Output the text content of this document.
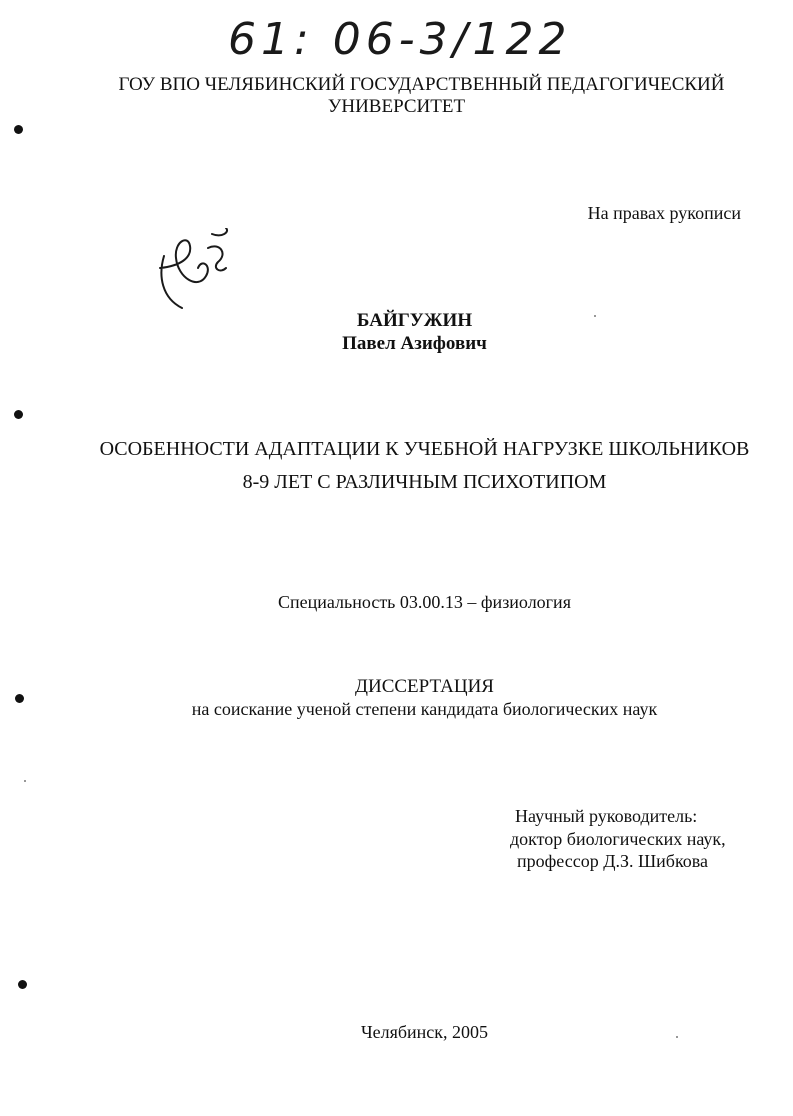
61: 06-3/122
ГОУ ВПО ЧЕЛЯБИНСКИЙ ГОСУДАРСТВЕННЫЙ ПЕДАГОГИЧЕСКИЙ
УНИВЕРСИТЕТ
На правах рукописи
БАЙГУЖИН
Павел Азифович
ОСОБЕННОСТИ АДАПТАЦИИ К УЧЕБНОЙ НАГРУЗКЕ ШКОЛЬНИКОВ
8-9 ЛЕТ С РАЗЛИЧНЫМ ПСИХОТИПОМ
Специальность 03.00.13 – физиология
ДИССЕРТАЦИЯ
на соискание ученой степени кандидата биологических наук
Научный руководитель:
доктор биологических наук,
профессор Д.З. Шибкова
Челябинск, 2005
